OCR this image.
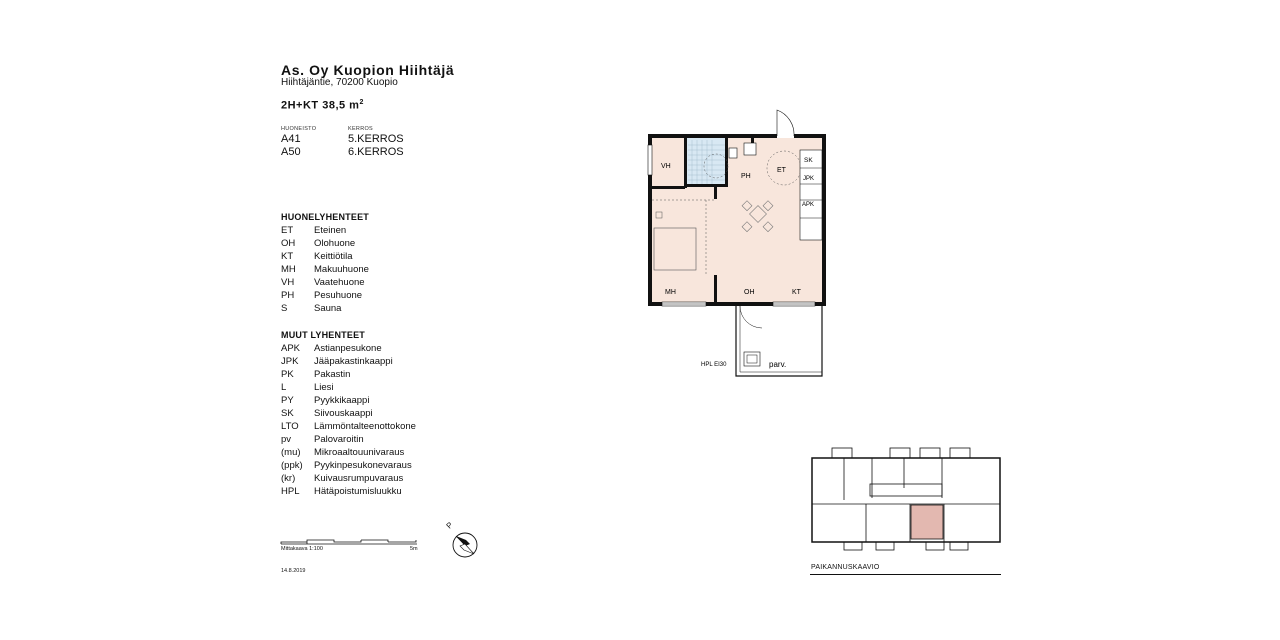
As. Oy Kuopion Hiihtäjä
Hiihtäjäntie, 70200 Kuopio
2H+KT 38,5 $m^2$
HUONEISTO	KERROS
A41	5.KERROS
A50	6.KERROS
HUONELYHENTEET
ET Eteinen
OH Olohuone
KT Keittiötila
MH Makuuhuone
VH Vaatehuone
PH Pesuhuone
S	Sauna
MUUT LYHENTEET
APK Astianpesukone
JPK Jääpakastinkaappi
PK Pakastin
L	Liesi
PY Pyykkikaappi
SK Siivouskaappi
LTO Lämmöntalteenottokone
pv Palovaroitin
(mu) Mikroaaltouunivaraus
(ppk) Pyykinpesukonevaraus
(kr) Kuivausrumpuvaraus
HPL Hätäpoistumisluukku
Mittakaava 1:100	5m
P
14.8.2019
VH
PH
ET
SK
JPK
APK
MH	OH	KT
HPL EI30	parv.
PAIKANNUSKAAVIO
